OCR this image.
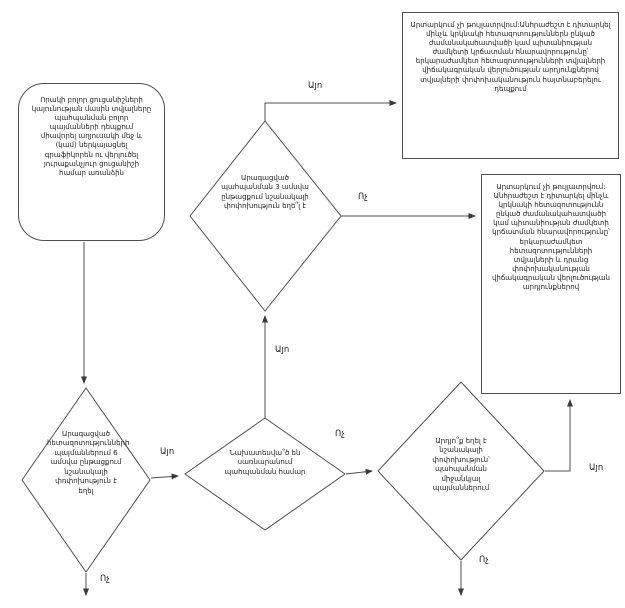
Որակի բոլոր ցուցանիշների կայունության մասին տվյալները պահպանման բոլոր պայմանների դեպքում միավորել աղյուսակի մեջ և (կամ) ներկայացնել գրաֆիկորեն ու վերլուծել յուրաքանչյուր ցուցանիշի համար առանձին
Արտարկում չի թույլատրվում:Անհրաժեշտ է դիտարկել մինչև կրկնակի հետազոտություններն ընկած ժամանակահատվածի կամ պիտանիության ժամկետի կրճատման հնարավորությունը՝ երկարաժամկետ հետազոտությունների տվյալների վիճակագրական վերլուծության արդյունքներով տվյալների փոփոխականություն հայտնաբերելու դեպքում
Արտարկում չի թույլատրվում: Անհրաժեշտ է դիտարկել մինչև կրկնակի հետազոտությունն ընկած ժամանակահատվածի կամ պիտանիության ժամկետի կրճատման հնարավորությունը՝ երկարաժամկետ հետազոտությունների տվյալների և դրանց փոփոխականության վիճակագրական վերլուծության արդյունքներով
Արագացված պահպանման 3 ամսվա ընթացքում նշանակալի փոփոխություն եղե՞լ է
Արագացված հետազոտությունների պայմաններում 6 ամսվա ընթացքում նշանակալի փոփոխություն է եղել
Նախատեսվա՞ծ են սառնարանում պահպանման համար
Արդյո՞ք եղել է նշանակալի փոփոխություն՝ պահպանման միջանկյալ պայմաններում
Այո
Ոչ
Այո
Այո
Ոչ
Այո
Ոչ
Ոչ
